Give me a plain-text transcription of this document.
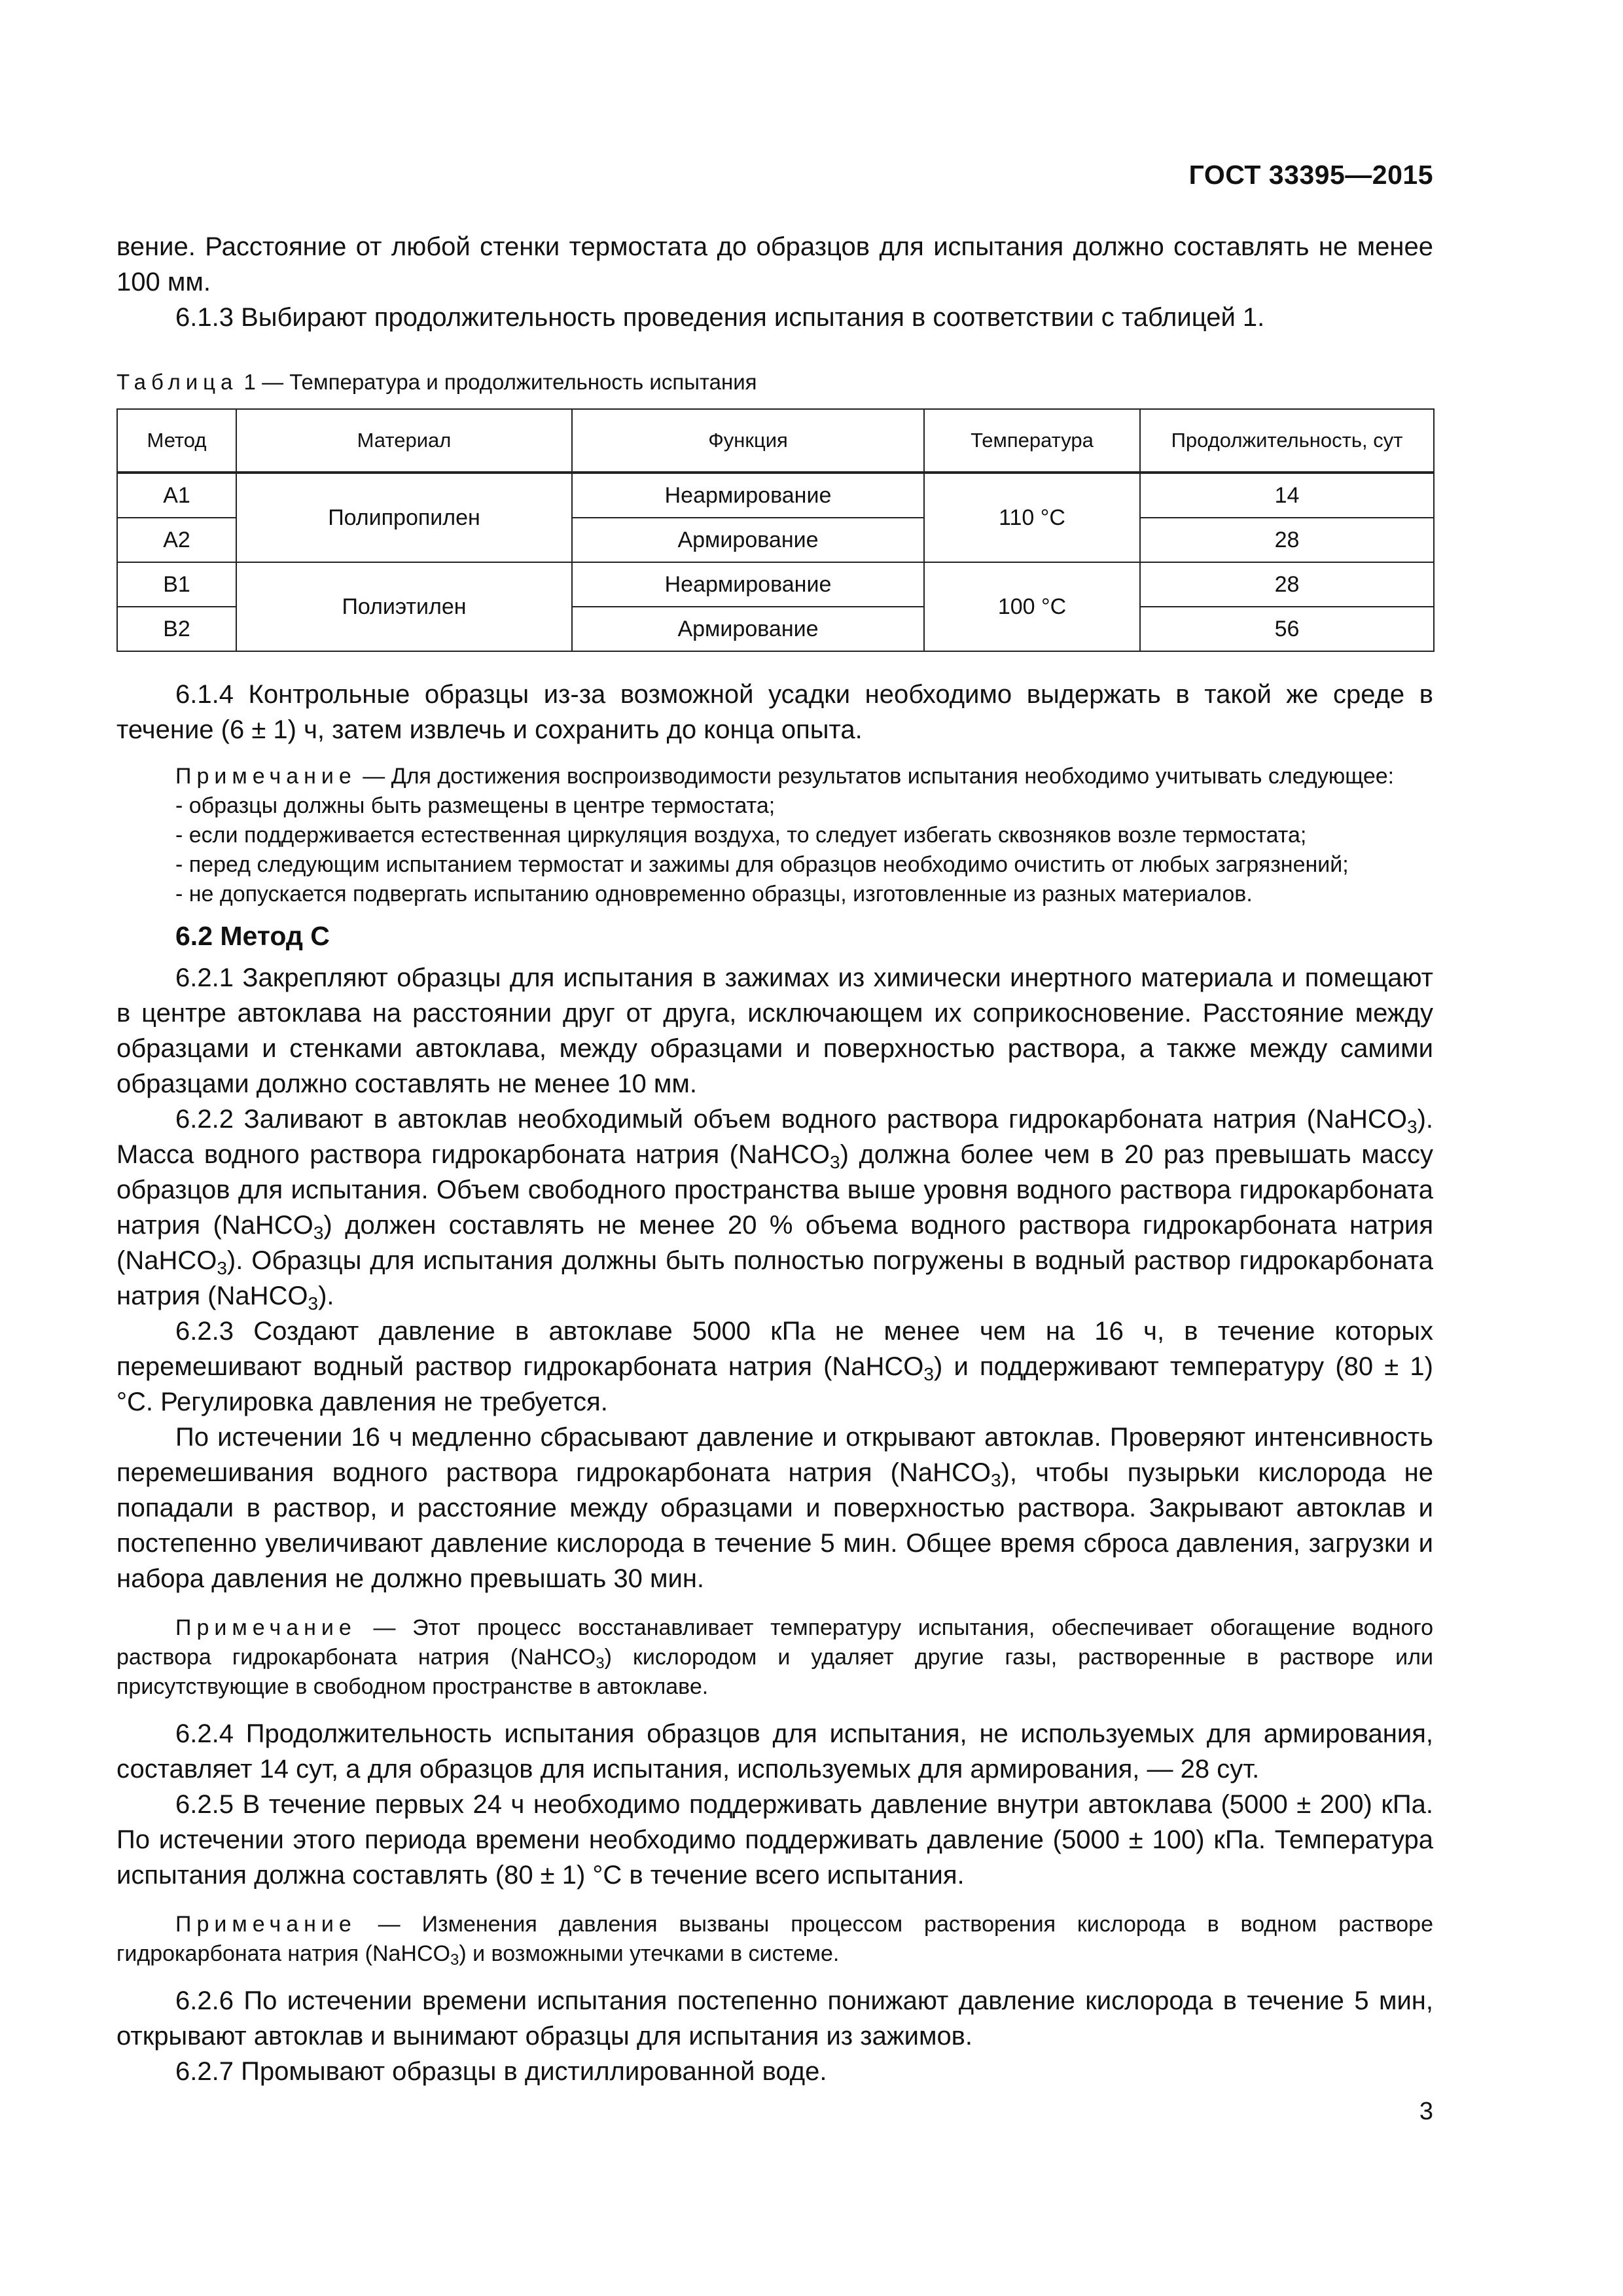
ГОСТ 33395—2015

вение. Расстояние от любой стенки термостата до образцов для испытания должно составлять не менее 100 мм.

6.1.3 Выбирают продолжительность проведения испытания в соответствии с таблицей 1.

Таблица 1 — Температура и продолжительность испытания
Метод	Материал	Функция	Температура	Продолжительность, сут
A1	Полипропилен	Неармирование	110 °C	14
A2		Армирование		28
B1	Полиэтилен	Неармирование	100 °C	28
B2		Армирование		56

6.1.4 Контрольные образцы из-за возможной усадки необходимо выдержать в такой же среде в течение (6 ± 1) ч, затем извлечь и сохранить до конца опыта.

Примечание — Для достижения воспроизводимости результатов испытания необходимо учитывать следующее:

- образцы должны быть размещены в центре термостата;

- если поддерживается естественная циркуляция воздуха, то следует избегать сквозняков возле термостата;

- перед следующим испытанием термостат и зажимы для образцов необходимо очистить от любых загрязнений;

- не допускается подвергать испытанию одновременно образцы, изготовленные из разных материалов.

6.2 Метод C

6.2.1 Закрепляют образцы для испытания в зажимах из химически инертного материала и помещают в центре автоклава на расстоянии друг от друга, исключающем их соприкосновение. Расстояние между образцами и стенками автоклава, между образцами и поверхностью раствора, а также между самими образцами должно составлять не менее 10 мм.

6.2.2 Заливают в автоклав необходимый объем водного раствора гидрокарбоната натрия (NaHCO$_3$). Масса водного раствора гидрокарбоната натрия (NaHCO$_3$) должна более чем в 20 раз превышать массу образцов для испытания. Объем свободного пространства выше уровня водного раствора гидрокарбоната натрия (NaHCO$_3$) должен составлять не менее 20 % объема водного раствора гидрокарбоната натрия (NaHCO$_3$). Образцы для испытания должны быть полностью погружены в водный раствор гидрокарбоната натрия (NaHCO$_3$).

6.2.3 Создают давление в автоклаве 5000 кПа не менее чем на 16 ч, в течение которых перемешивают водный раствор гидрокарбоната натрия (NaHCO$_3$) и поддерживают температуру (80 ± 1) °C. Регулировка давления не требуется.

По истечении 16 ч медленно сбрасывают давление и открывают автоклав. Проверяют интенсивность перемешивания водного раствора гидрокарбоната натрия (NaHCO$_3$), чтобы пузырьки кислорода не попадали в раствор, и расстояние между образцами и поверхностью раствора. Закрывают автоклав и постепенно увеличивают давление кислорода в течение 5 мин. Общее время сброса давления, загрузки и набора давления не должно превышать 30 мин.

Примечание — Этот процесс восстанавливает температуру испытания, обеспечивает обогащение водного раствора гидрокарбоната натрия (NaHCO$_3$) кислородом и удаляет другие газы, растворенные в растворе или присутствующие в свободном пространстве в автоклаве.

6.2.4 Продолжительность испытания образцов для испытания, не используемых для армирования, составляет 14 сут, а для образцов для испытания, используемых для армирования, — 28 сут.

6.2.5 В течение первых 24 ч необходимо поддерживать давление внутри автоклава (5000 ± 200) кПа. По истечении этого периода времени необходимо поддерживать давление (5000 ± 100) кПа. Температура испытания должна составлять (80 ± 1) °C в течение всего испытания.

Примечание — Изменения давления вызваны процессом растворения кислорода в водном растворе гидрокарбоната натрия (NaHCO$_3$) и возможными утечками в системе.

6.2.6 По истечении времени испытания постепенно понижают давление кислорода в течение 5 мин, открывают автоклав и вынимают образцы для испытания из зажимов.

6.2.7 Промывают образцы в дистиллированной воде.

3
